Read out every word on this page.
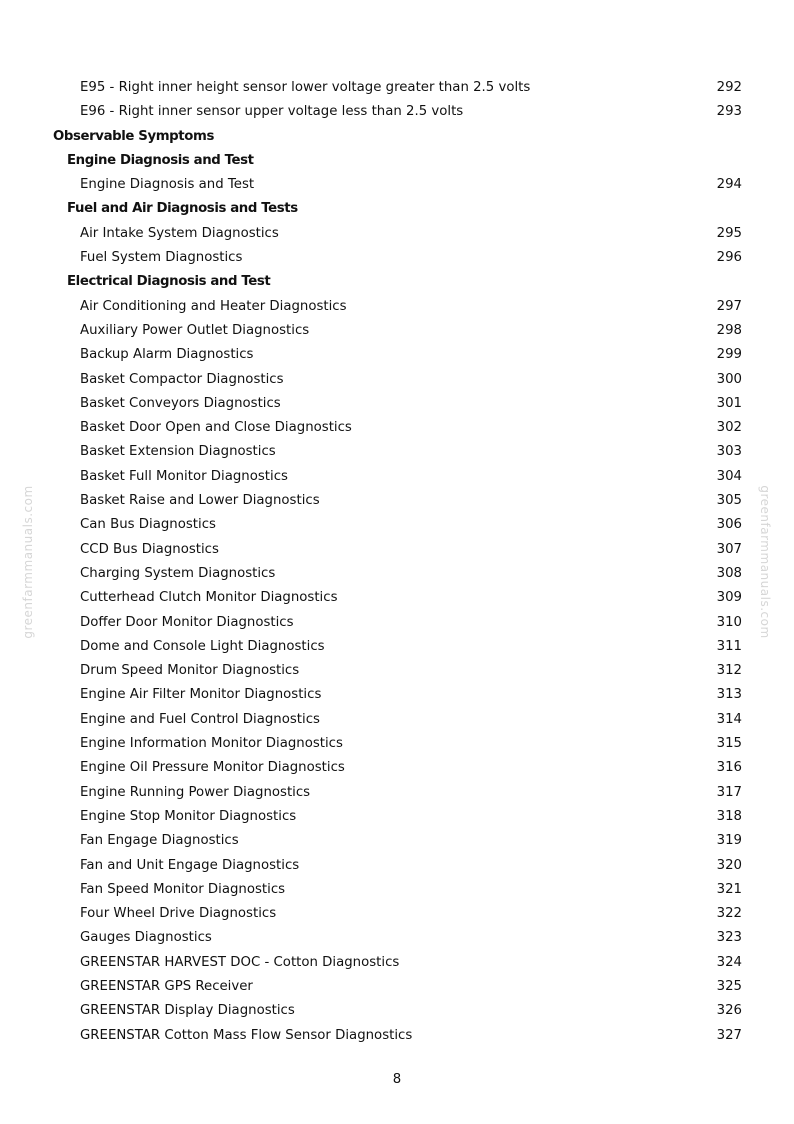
E95 - Right inner height sensor lower voltage greater than 2.5 volts	292
E96 - Right inner sensor upper voltage less than 2.5 volts	293
Observable Symptoms
Engine Diagnosis and Test
Engine Diagnosis and Test	294
Fuel and Air Diagnosis and Tests
Air Intake System Diagnostics	295
Fuel System Diagnostics	296
Electrical Diagnosis and Test
Air Conditioning and Heater Diagnostics	297
Auxiliary Power Outlet Diagnostics	298
Backup Alarm Diagnostics	299
Basket Compactor Diagnostics	300
Basket Conveyors Diagnostics	301
Basket Door Open and Close Diagnostics	302
Basket Extension Diagnostics	303
Basket Full Monitor Diagnostics	304
Basket Raise and Lower Diagnostics	305
Can Bus Diagnostics	306
CCD Bus Diagnostics	307
Charging System Diagnostics	308
Cutterhead Clutch Monitor Diagnostics	309
Doffer Door Monitor Diagnostics	310
Dome and Console Light Diagnostics	311
Drum Speed Monitor Diagnostics	312
Engine Air Filter Monitor Diagnostics	313
Engine and Fuel Control Diagnostics	314
Engine Information Monitor Diagnostics	315
Engine Oil Pressure Monitor Diagnostics	316
Engine Running Power Diagnostics	317
Engine Stop Monitor Diagnostics	318
Fan Engage Diagnostics	319
Fan and Unit Engage Diagnostics	320
Fan Speed Monitor Diagnostics	321
Four Wheel Drive Diagnostics	322
Gauges Diagnostics	323
GREENSTAR HARVEST DOC - Cotton Diagnostics	324
GREENSTAR GPS Receiver	325
GREENSTAR Display Diagnostics	326
GREENSTAR Cotton Mass Flow Sensor Diagnostics	327
8
greenfarmmanuals.com	greenfarmmanuals.com
